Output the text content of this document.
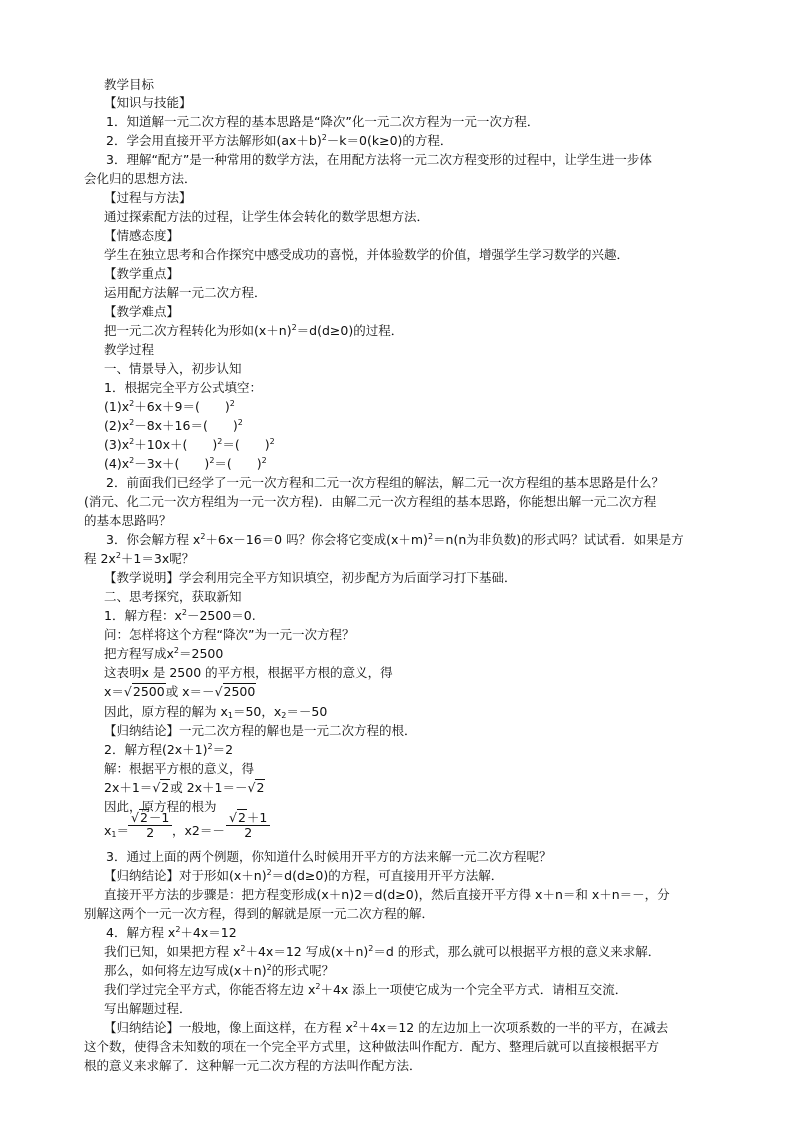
教学目标
【知识与技能】
1．知道解一元二次方程的基本思路是“降次”化一元二次方程为一元一次方程．
2．学会用直接开平方法解形如$(ax+b)^2-k=0(k\ge 0)$的方程．
3．理解“配方”是一种常用的数学方法，在用配方法将一元二次方程变形的过程中，让学生进一步体
会化归的思想方法．
【过程与方法】
通过探索配方法的过程，让学生体会转化的数学思想方法．
【情感态度】
学生在独立思考和合作探究中感受成功的喜悦，并体验数学的价值，增强学生学习数学的兴趣．
【教学重点】
运用配方法解一元二次方程．
【教学难点】
把一元二次方程转化为形如$(x+n)^2=d(d\ge 0)$的过程．
教学过程
一、情景导入，初步认知
1．根据完全平方公式填空：
$(1)x^2+6x+9=$(　　)$^2$
$(2)x^2-8x+16=$(　　)$^2$
$(3)x^2+10x+$(　　)$^2$＝(　　)$^2$
$(4)x^2-3x+$(　　)$^2$＝(　　)$^2$
2．前面我们已经学了一元一次方程和二元一次方程组的解法，解二元一次方程组的基本思路是什么？
(消元、化二元一次方程组为一元一次方程)．由解二元一次方程组的基本思路，你能想出解一元二次方程
的基本思路吗？
3．你会解方程 $x^2+6x-16=0$ 吗？你会将它变成$(x+m)^2=n(n$为非负数)的形式吗？试试看．如果是方
程 $2x^2+1=3x$呢？
【教学说明】学会利用完全平方知识填空，初步配方为后面学习打下基础．
二、思考探究，获取新知
1．解方程：$x^2-2500=0$.
问：怎样将这个方程“降次”为一元一次方程？
把方程写成$x^2=2500$
这表明x 是 2500 的平方根，根据平方根的意义，得
x＝√2500或 x＝－√2500
因此，原方程的解为 $x_1=50$，$x_2=-50$
【归纳结论】一元二次方程的解也是一元二次方程的根．
2．解方程$(2x+1)^2=2$
解：根据平方根的意义，得
2x＋1＝√2或 2x＋1＝－√2
因此，原方程的根为
$x_1=$
$\frac{√2-1}{2}$ ，$x2=- \frac{√2+1}{2}$
3．通过上面的两个例题，你知道什么时候用开平方的方法来解一元二次方程呢？
【归纳结论】对于形如$(x+n)^2=d(d\ge 0)$的方程，可直接用开平方法解．
直接开平方法的步骤是：把方程变形成(x＋n)2＝d(d≥0)，然后直接开平方得 x＋n＝和 x＋n＝－，分
别解这两个一元一次方程，得到的解就是原一元二次方程的解．
4．解方程 $x^2+4x=12$
我们已知，如果把方程 $x^2+4x=12$ 写成$(x+n)^2=d$ 的形式，那么就可以根据平方根的意义来求解．
那么，如何将左边写成$(x+n)^2$的形式呢？
我们学过完全平方式，你能否将左边 $x^2+4x$ 添上一项使它成为一个完全平方式．请相互交流．
写出解题过程．
【归纳结论】一般地，像上面这样，在方程 $x^2+4x=12$ 的左边加上一次项系数的一半的平方，在减去
这个数，使得含未知数的项在一个完全平方式里，这种做法叫作配方．配方、整理后就可以直接根据平方
根的意义来求解了．这种解一元二次方程的方法叫作配方法．
